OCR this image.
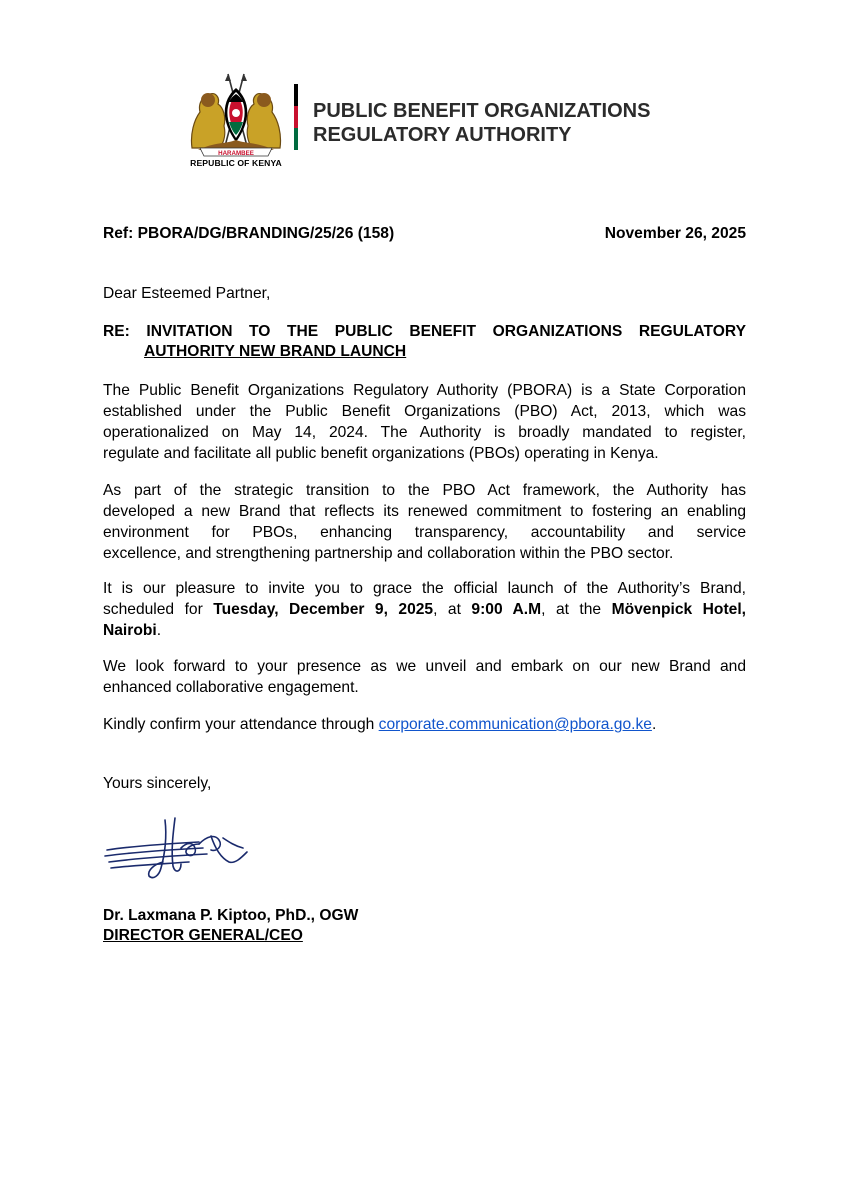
HARAMBEE
REPUBLIC OF KENYA
PUBLIC BENEFIT ORGANIZATIONS
REGULATORY AUTHORITY
Ref: PBORA/DG/BRANDING/25/26 (158)	November 26, 2025
Dear Esteemed Partner,
RE: INVITATION TO THE PUBLIC BENEFIT ORGANIZATIONS REGULATORY
AUTHORITY NEW BRAND LAUNCH

The Public Benefit Organizations Regulatory Authority (PBORA) is a State Corporation
established under the Public Benefit Organizations (PBO) Act, 2013, which was
operationalized on May 14, 2024. The Authority is broadly mandated to register,
regulate and facilitate all public benefit organizations (PBOs) operating in Kenya.

As part of the strategic transition to the PBO Act framework, the Authority has
developed a new Brand that reflects its renewed commitment to fostering an enabling
environment for PBOs, enhancing transparency, accountability and service
excellence, and strengthening partnership and collaboration within the PBO sector.

It is our pleasure to invite you to grace the official launch of the Authority’s Brand,
scheduled for Tuesday, December 9, 2025, at 9:00 A.M, at the Mövenpick Hotel,
Nairobi.

We look forward to your presence as we unveil and embark on our new Brand and
enhanced collaborative engagement.

Kindly confirm your attendance through corporate.communication@pbora.go.ke.

Yours sincerely,
Dr. Laxmana P. Kiptoo, PhD., OGW
DIRECTOR GENERAL/CEO
